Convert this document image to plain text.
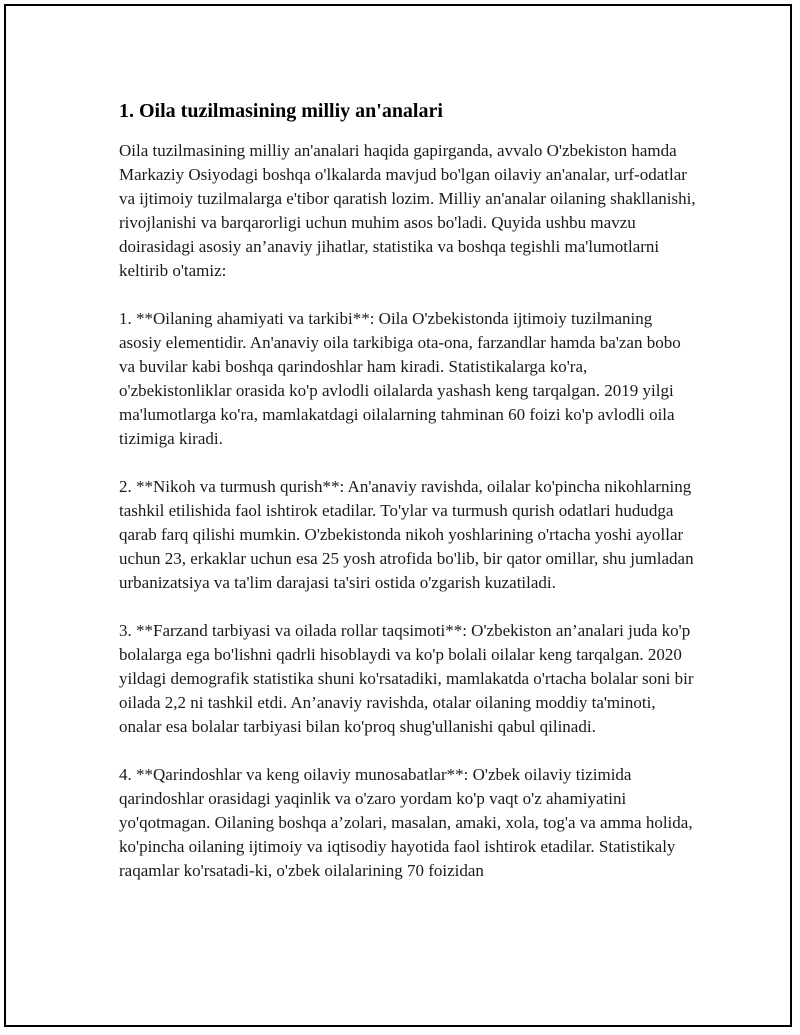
1. Oila tuzilmasining milliy an'analari

Oila tuzilmasining milliy an'analari haqida gapirganda, avvalo O'zbekiston hamda Markaziy Osiyodagi boshqa o'lkalarda mavjud bo'lgan oilaviy an'analar, urf-odatlar va ijtimoiy tuzilmalarga e'tibor qaratish lozim. Milliy an'analar oilaning shakllanishi, rivojlanishi va barqarorligi uchun muhim asos bo'ladi. Quyida ushbu mavzu doirasidagi asosiy an’anaviy jihatlar, statistika va boshqa tegishli ma'lumotlarni keltirib o'tamiz:

1. **Oilaning ahamiyati va tarkibi**: Oila O'zbekistonda ijtimoiy tuzilmaning asosiy elementidir. An'anaviy oila tarkibiga ota-ona, farzandlar hamda ba'zan bobo va buvilar kabi boshqa qarindoshlar ham kiradi. Statistikalarga ko'ra, o'zbekistonliklar orasida ko'p avlodli oilalarda yashash keng tarqalgan. 2019 yilgi ma'lumotlarga ko'ra, mamlakatdagi oilalarning tahminan 60 foizi ko'p avlodli oila tizimiga kiradi.

2. **Nikoh va turmush qurish**: An'anaviy ravishda, oilalar ko'pincha nikohlarning tashkil etilishida faol ishtirok etadilar. To'ylar va turmush qurish odatlari hududga qarab farq qilishi mumkin. O'zbekistonda nikoh yoshlarining o'rtacha yoshi ayollar uchun 23, erkaklar uchun esa 25 yosh atrofida bo'lib, bir qator omillar, shu jumladan urbanizatsiya va ta'lim darajasi ta'siri ostida o'zgarish kuzatiladi.

3. **Farzand tarbiyasi va oilada rollar taqsimoti**: O'zbekiston an’analari juda ko'p bolalarga ega bo'lishni qadrli hisoblaydi va ko'p bolali oilalar keng tarqalgan. 2020 yildagi demografik statistika shuni ko'rsatadiki, mamlakatda o'rtacha bolalar soni bir oilada 2,2 ni tashkil etdi. An’anaviy ravishda, otalar oilaning moddiy ta'minoti, onalar esa bolalar tarbiyasi bilan ko'proq shug'ullanishi qabul qilinadi.

4. **Qarindoshlar va keng oilaviy munosabatlar**: O'zbek oilaviy tizimida qarindoshlar orasidagi yaqinlik va o'zaro yordam ko'p vaqt o'z ahamiyatini yo'qotmagan. Oilaning boshqa a’zolari, masalan, amaki, xola, tog'a va amma holida, ko'pincha oilaning ijtimoiy va iqtisodiy hayotida faol ishtirok etadilar. Statistikaly raqamlar ko'rsatadi-ki, o'zbek oilalarining 70 foizidan
